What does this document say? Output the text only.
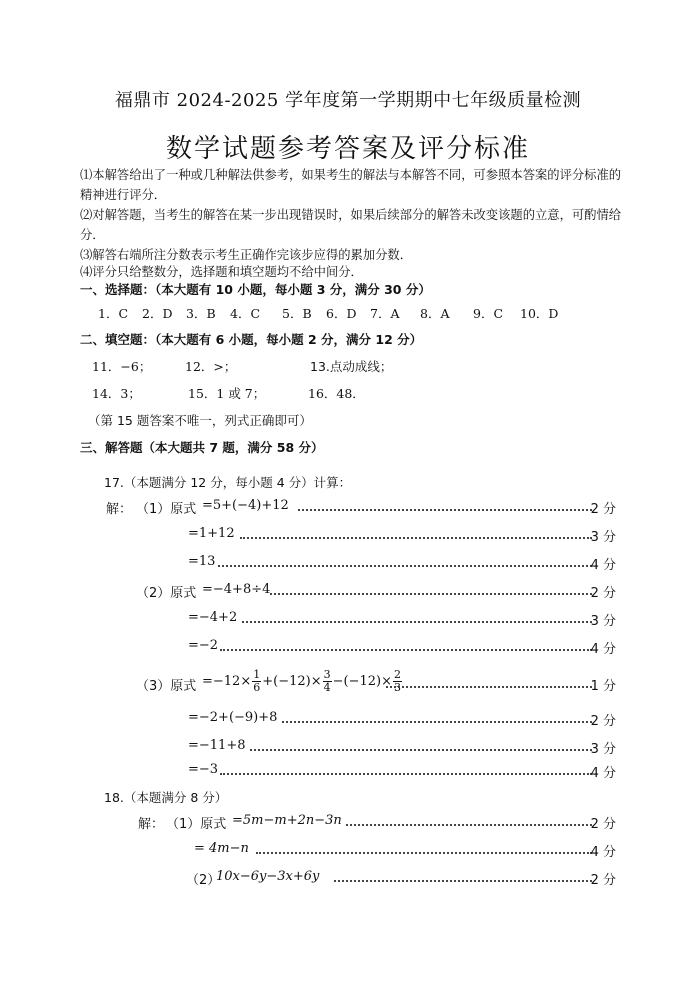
福鼎市 2024-2025 学年度第一学期期中七年级质量检测
数学试题参考答案及评分标准

⑴本解答给出了一种或几种解法供参考，如果考生的解法与本解答不同，可参照本答案的评分标准的精神进行评分．

⑵对解答题，当考生的解答在某一步出现错误时，如果后续部分的解答未改变该题的立意，可酌情给分．

⑶解答右端所注分数表示考生正确作完该步应得的累加分数．

⑷评分只给整数分，选择题和填空题均不给中间分．

一、选择题：（本大题有 10 小题，每小题 3 分，满分 30 分）
1．C 2．D 3．B 4．C 5．B 6．D 7．A 8．A 9．C 10．D
二、填空题：（本大题有 6 小题，每小题 2 分，满分 12 分）
11．−6；	12．>；	13.点动成线；
14．3；	15．1 或 7；	16．48．
（第 15 题答案不唯一，列式正确即可）
三、解答题（本大题共 7 题，满分 58 分）
17.（本题满分 12 分，每小题 4 分）计算：
解： （1）原式 =5+(−4)+12	2 分
=1+12	3 分
=13	4 分
（2）原式 =−4+8÷4	2 分
=−4+2	3 分
=−2	4 分
（3）原式 $=-12\times \frac{1}{6} +(-12)\times \frac{3}{4} -(-12)\times \frac{2}{3}$	1 分
=−2+(−9)+8	2 分
=−11+8	3 分
=−3	4 分
18.（本题满分 8 分）
解： （1）原式 =5m−m+2n−3n	2 分
= 4m−n	4 分
（2）
10x−6y−3x+6y	2 分
